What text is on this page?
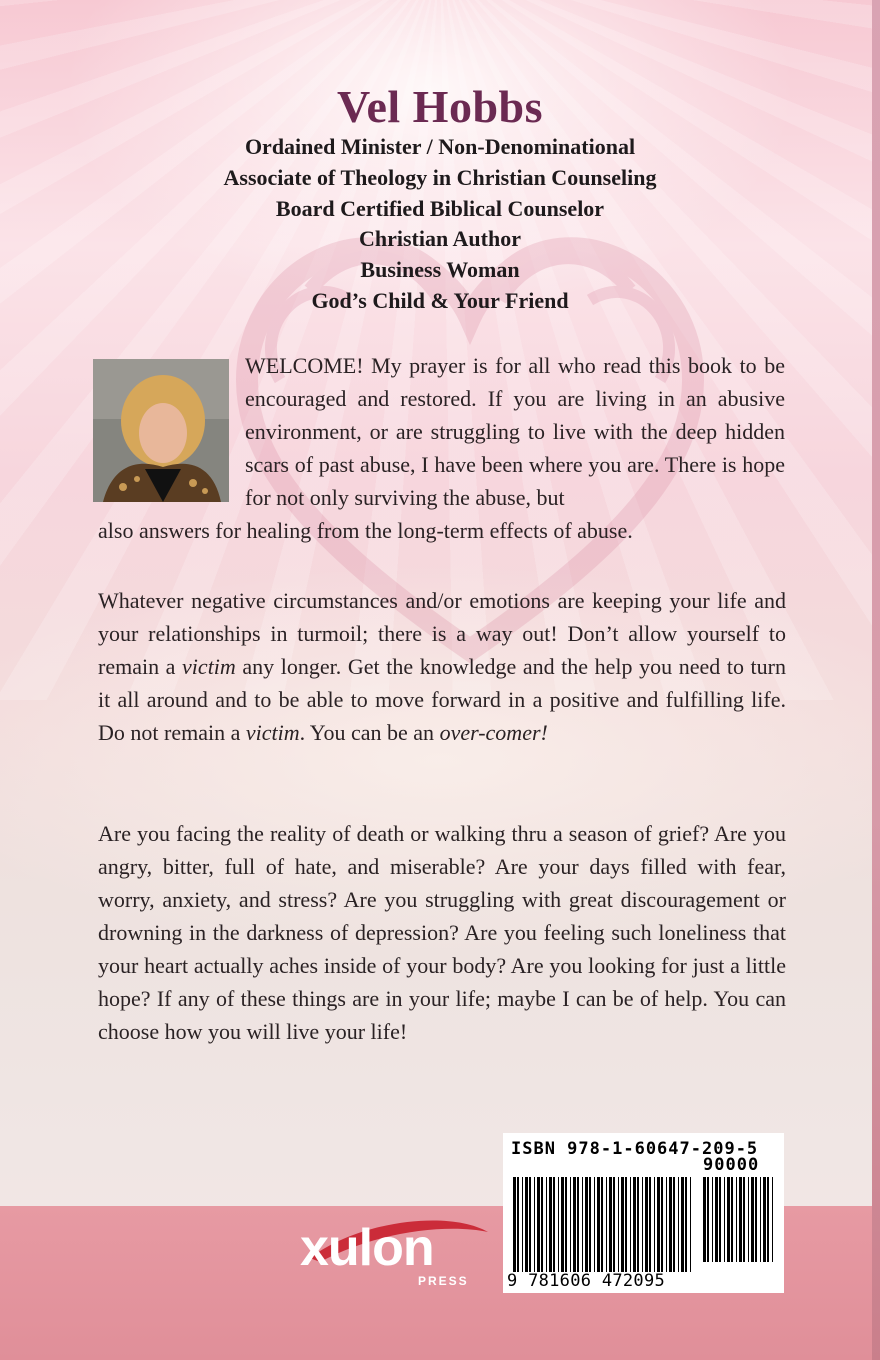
Vel Hobbs
Ordained Minister / Non-Denominational
Associate of Theology in Christian Counseling
Board Certified Biblical Counselor
Christian Author
Business Woman
God’s Child & Your Friend

WELCOME! My prayer is for all who read this book to be encouraged and restored. If you are living in an abusive environment, or are struggling to live with the deep hidden scars of past abuse, I have been where you are. There is hope for not only surviving the abuse, but

also answers for healing from the long-term effects of abuse.

Whatever negative circumstances and/or emotions are keeping your life and your relationships in turmoil; there is a way out! Don’t allow yourself to remain a victim any longer. Get the knowledge and the help you need to turn it all around and to be able to move forward in a positive and fulfilling life. Do not remain a victim. You can be an over-comer!

Are you facing the reality of death or walking thru a season of grief? Are you angry, bitter, full of hate, and miserable? Are your days filled with fear, worry, anxiety, and stress? Are you struggling with great discouragement or drowning in the darkness of depression? Are you feeling such loneliness that your heart actually aches inside of your body? Are you looking for just a little hope? If any of these things are in your life; maybe I can be of help. You can choose how you will live your life!

ISBN 978-1-60647-209-5
90000
9 781606 472095
xulon
PRESS
